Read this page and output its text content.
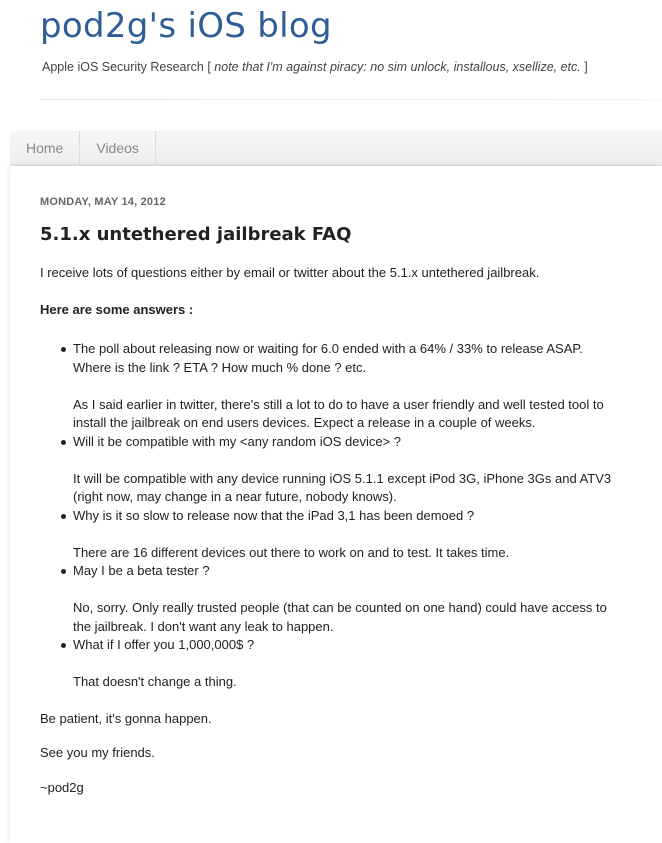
pod2g's iOS blog
Apple iOS Security Research [ note that I'm against piracy: no sim unlock, installous, xsellize, etc. ]
Home	Videos
MONDAY, MAY 14, 2012
5.1.x untethered jailbreak FAQ

I receive lots of questions either by email or twitter about the 5.1.x untethered jailbreak.

Here are some answers :

The poll about releasing now or waiting for 6.0 ended with a 64% / 33% to release ASAP. Where is the link ? ETA ? How much % done ? etc.
As I said earlier in twitter, there's still a lot to do to have a user friendly and well tested tool to install the jailbreak on end users devices. Expect a release in a couple of weeks.
Will it be compatible with my <any random iOS device> ?
It will be compatible with any device running iOS 5.1.1 except iPod 3G, iPhone 3Gs and ATV3 (right now, may change in a near future, nobody knows).
Why is it so slow to release now that the iPad 3,1 has been demoed ?
There are 16 different devices out there to work on and to test. It takes time.
May I be a beta tester ?
No, sorry. Only really trusted people (that can be counted on one hand) could have access to the jailbreak. I don't want any leak to happen.
What if I offer you 1,000,000$ ?
That doesn't change a thing.

Be patient, it's gonna happen.

See you my friends.

~pod2g
